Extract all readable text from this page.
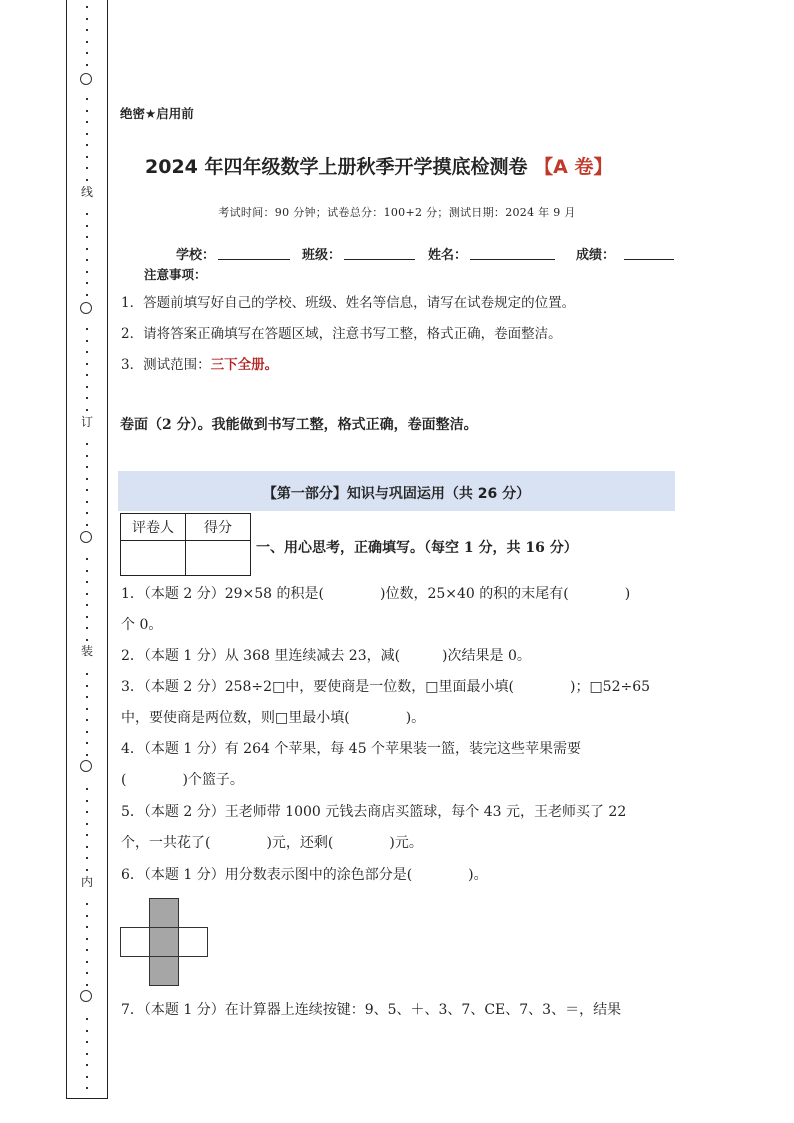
线
订
装
内
绝密★启用前
2024 年四年级数学上册秋季开学摸底检测卷 【A 卷】
考试时间：90 分钟；试卷总分：100+2 分；测试日期：2024 年 9 月
学校：	班级：	姓名：	成绩：
注意事项：
1．答题前填写好自己的学校、班级、姓名等信息，请写在试卷规定的位置。
2．请将答案正确填写在答题区域，注意书写工整，格式正确，卷面整洁。
3．测试范围：三下全册。
卷面（2 分）。我能做到书写工整，格式正确，卷面整洁。
【第一部分】知识与巩固运用（共 26 分）
评卷人	得分

一、用心思考，正确填写。（每空 1 分，共 16 分）
1．（本题 2 分）29×58 的积是(　　　　)位数，25×40 的积的末尾有(　　　　)
个 0。
2．（本题 1 分）从 368 里连续减去 23，减(　　　)次结果是 0。
3．（本题 2 分）258÷2□中，要使商是一位数，□里面最小填(　　　　)；□52÷65
中，要使商是两位数，则□里最小填(　　　　)。
4．（本题 1 分）有 264 个苹果，每 45 个苹果装一篮，装完这些苹果需要
(　　　　)个篮子。
5．（本题 2 分）王老师带 1000 元钱去商店买篮球，每个 43 元，王老师买了 22
个，一共花了(　　　　)元，还剩(　　　　)元。
6．（本题 1 分）用分数表示图中的涂色部分是(　　　　)。
7．（本题 1 分）在计算器上连续按键：9、5、＋、3、7、CE、7、3、＝，结果
